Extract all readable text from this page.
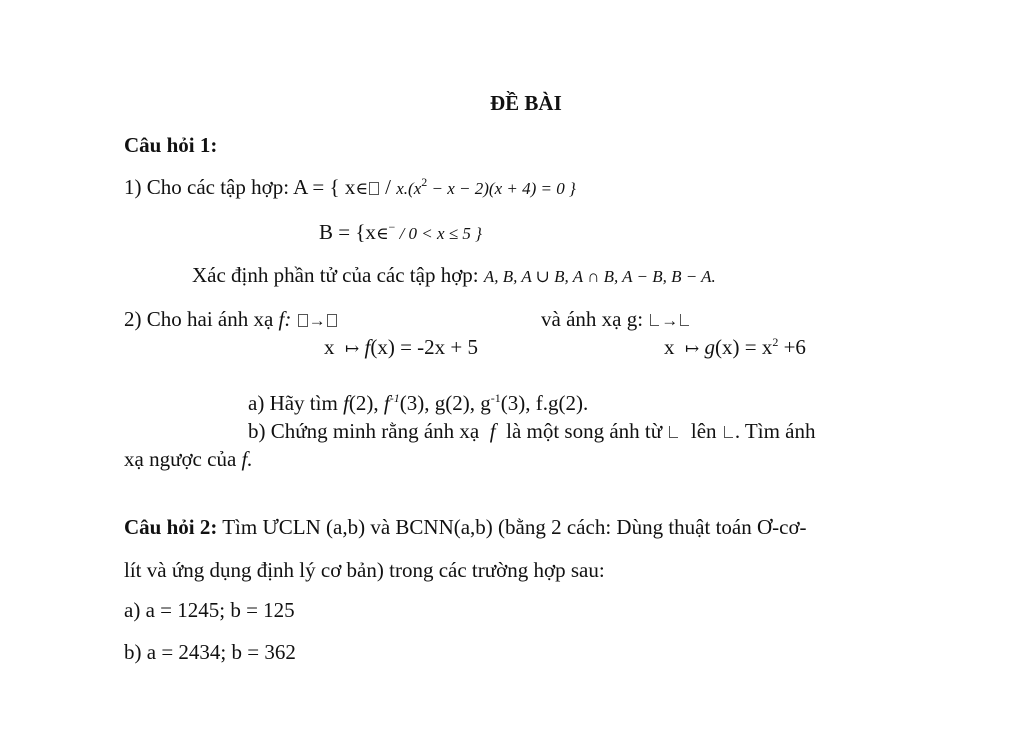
ĐỀ BÀI
Câu hỏi 1:
1) Cho các tập hợp: A = { x∈ / $x.(x^2 - x - 2)(x + 4) = 0$ }
B = {x∈− / 0 < x ≤ 5 }
Xác định phần tử của các tập hợp: A, B, A ∪ B, A ∩ B, A − B, B − A.
2) Cho hai ánh xạ f: →	và ánh xạ g: →
x ↦ f(x) = -2x + 5	x ↦ $g(x) = x^2 +6$
a) Hãy tìm f(2), $f^{-1}(3)$, g(2), $g^{-1}(3)$, f.g(2).
b) Chứng minh rằng ánh xạ f là một song ánh từ lên . Tìm ánh
xạ ngược của f.
Câu hỏi 2: Tìm ƯCLN (a,b) và BCNN(a,b) (bằng 2 cách: Dùng thuật toán Ơ-cơ-
lít và ứng dụng định lý cơ bản) trong các trường hợp sau:
a) a = 1245; b = 125
b) a = 2434; b = 362
